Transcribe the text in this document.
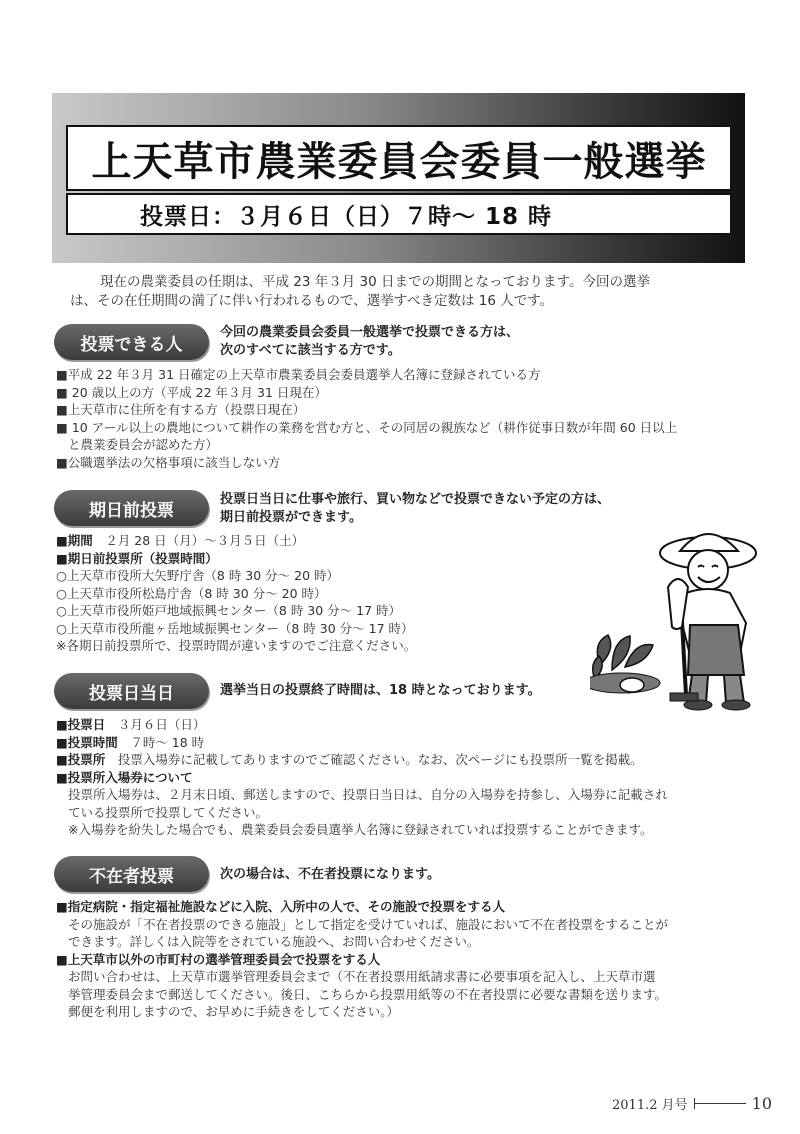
上天草市農業委員会委員一般選挙
投票日：３月６日（日）７時～ 18 時

現在の農業委員の任期は、平成 23 年３月 30 日までの期間となっております。今回の選挙

は、その在任期間の満了に伴い行われるもので、選挙すべき定数は 16 人です。

投票できる人

今回の農業委員会委員一般選挙で投票できる方は、

次のすべてに該当する方です。

■平成 22 年３月 31 日確定の上天草市農業委員会委員選挙人名簿に登録されている方

■ 20 歳以上の方（平成 22 年３月 31 日現在）

■上天草市に住所を有する方（投票日現在）

■ 10 アール以上の農地について耕作の業務を営む方と、その同居の親族など（耕作従事日数が年間 60 日以上

と農業委員会が認めた方）

■公職選挙法の欠格事項に該当しない方

期日前投票

投票日当日に仕事や旅行、買い物などで投票できない予定の方は、

期日前投票ができます。

■期間　 ２月 28 日（月）～３月５日（土）

■期日前投票所（投票時間）

○上天草市役所大矢野庁舎（8 時 30 分～ 20 時）

○上天草市役所松島庁舎（8 時 30 分～ 20 時）

○上天草市役所姫戸地域振興センター（8 時 30 分～ 17 時）

○上天草市役所龍ヶ岳地域振興センター（8 時 30 分～ 17 時）

※各期日前投票所で、投票時間が違いますのでご注意ください。

投票日当日	選挙当日の投票終了時間は、18 時となっております。

■投票日　 ３月６日（日）

■投票時間　 ７時～ 18 時

■投票所　 投票入場券に記載してありますのでご確認ください。なお、次ページにも投票所一覧を掲載。

■投票所入場券について

投票所入場券は、２月末日頃、郵送しますので、投票日当日は、自分の入場券を持参し、入場券に記載され

ている投票所で投票してください。

※入場券を紛失した場合でも、農業委員会委員選挙人名簿に登録されていれば投票することができます。

不在者投票	次の場合は、不在者投票になります。

■指定病院・指定福祉施設などに入院、入所中の人で、その施設で投票をする人

その施設が「不在者投票のできる施設」として指定を受けていれば、施設において不在者投票をすることが

できます。詳しくは入院等をされている施設へ、お問い合わせください。

■上天草市以外の市町村の選挙管理委員会で投票をする人

お問い合わせは、上天草市選挙管理委員会まで（不在者投票用紙請求書に必要事項を記入し、上天草市選

挙管理委員会まで郵送してください。後日、こちらから投票用紙等の不在者投票に必要な書類を送ります。

郵便を利用しますので、お早めに手続きをしてください。）

2011.2 月号	10
